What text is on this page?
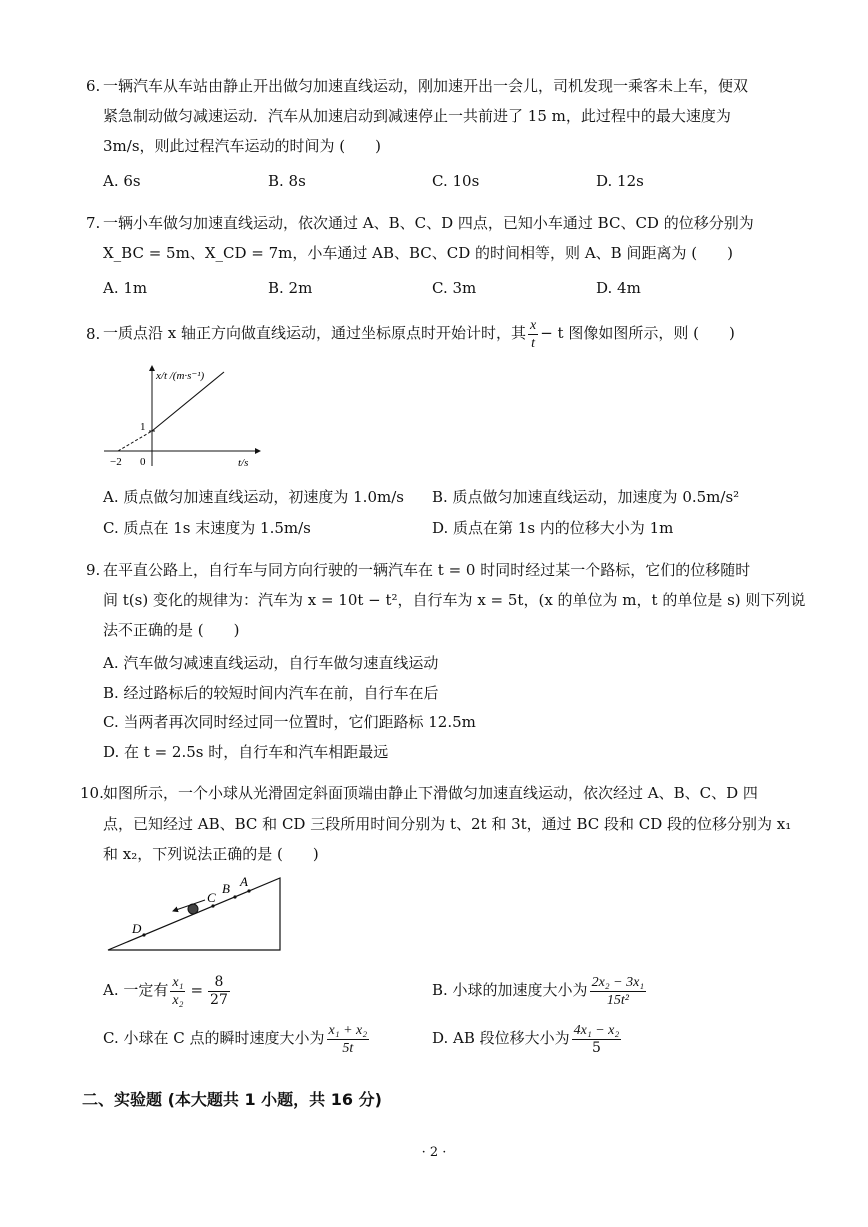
6. 一辆汽车从车站由静止开出做匀加速直线运动，刚加速开出一会儿，司机发现一乘客未上车，便双
紧急制动做匀减速运动．汽车从加速启动到减速停止一共前进了 15 m，此过程中的最大速度为
3m/s，则此过程汽车运动的时间为 (　　)
A. 6s	B. 8s	C. 10s	D. 12s
7. 一辆小车做匀加速直线运动，依次通过 A、B、C、D 四点，已知小车通过 BC、CD 的位移分别为
X_BC = 5m、X_CD = 7m，小车通过 AB、BC、CD 的时间相等，则 A、B 间距离为 (　　)
A. 1m	B. 2m	C. 3m	D. 4m
8. 一质点沿 x 轴正方向做直线运动，通过坐标原点时开始计时，其 $\frac{x}{t} - t$ 图像如图所示，则 (　　)
1
−2 0
x/t /(m·s⁻¹)
t/s
A. 质点做匀加速直线运动，初速度为 1.0m/s B. 质点做匀加速直线运动，加速度为 0.5m/s²
C. 质点在 1s 末速度为 1.5m/s	D. 质点在第 1s 内的位移大小为 1m
9. 在平直公路上，自行车与同方向行驶的一辆汽车在 t = 0 时同时经过某一个路标，它们的位移随时
间 t(s) 变化的规律为：汽车为 x = 10t − t²，自行车为 x = 5t，(x 的单位为 m，t 的单位是 s) 则下列说
法不正确的是 (　　)
A. 汽车做匀减速直线运动，自行车做匀速直线运动
B. 经过路标后的较短时间内汽车在前，自行车在后
C. 当两者再次同时经过同一位置时，它们距路标 12.5m
D. 在 t = 2.5s 时，自行车和汽车相距最远
10. 如图所示，一个小球从光滑固定斜面顶端由静止下滑做匀加速直线运动，依次经过 A、B、C、D 四
点，已知经过 AB、BC 和 CD 三段所用时间分别为 t、2t 和 3t，通过 BC 段和 CD 段的位移分别为 x₁
和 x₂，下列说法正确的是 (　　)
A
B
C
D
A. 一定有 $\frac{\text{x₁}}{\text{x₂}} = \frac{8}{27}$	B. 小球的加速度大小为 $\frac{\text{2x₂ − 3x₁}}{\text{15t²}}$
C. 小球在 C 点的瞬时速度大小为 $\frac{\text{x₁ + x₂}}{5t}$	D. AB 段位移大小为 $\frac{\text{4x₁ − x₂}}{5}$
二、实验题 (本大题共 1 小题，共 16 分)
· 2 ·
